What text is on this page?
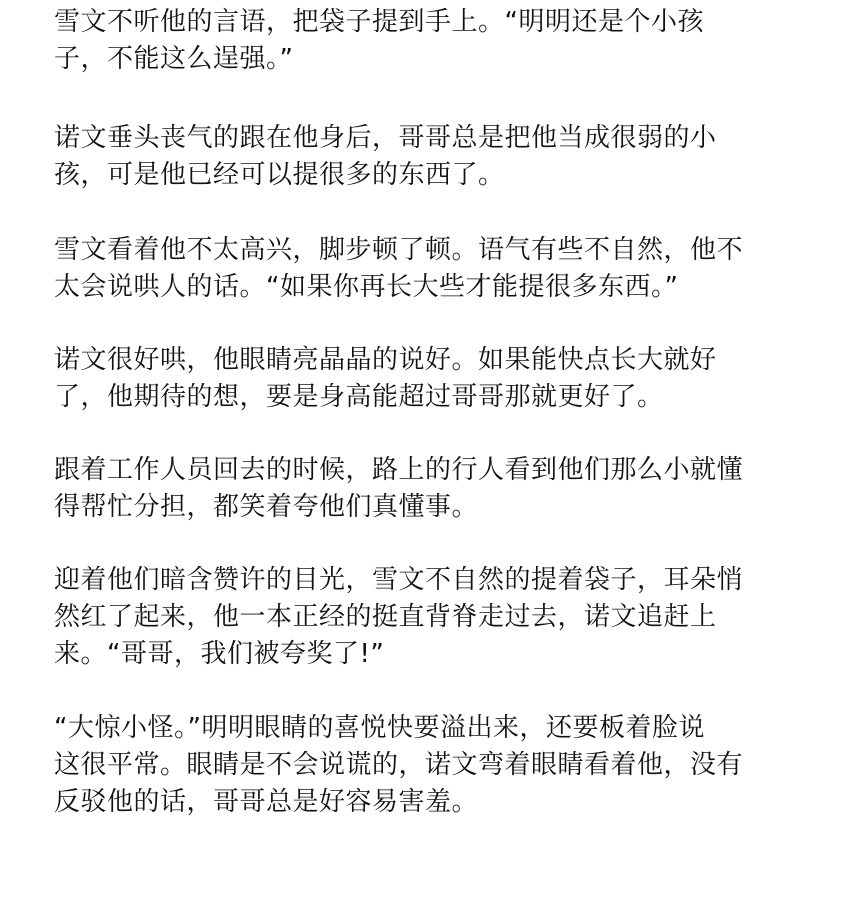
雪文不听他的言语，把袋子提到手上。“明明还是个小孩
子，不能这么逞强。”

诺文垂头丧气的跟在他身后，哥哥总是把他当成很弱的小
孩，可是他已经可以提很多的东西了。

雪文看着他不太高兴，脚步顿了顿。语气有些不自然，他不
太会说哄人的话。“如果你再长大些才能提很多东西。”

诺文很好哄，他眼睛亮晶晶的说好。如果能快点长大就好
了，他期待的想，要是身高能超过哥哥那就更好了。

跟着工作人员回去的时候，路上的行人看到他们那么小就懂
得帮忙分担，都笑着夸他们真懂事。

迎着他们暗含赞许的目光，雪文不自然的提着袋子，耳朵悄
然红了起来，他一本正经的挺直背脊走过去，诺文追赶上
来。“哥哥，我们被夸奖了!”

“大惊小怪。”明明眼睛的喜悦快要溢出来，还要板着脸说
这很平常。眼睛是不会说谎的，诺文弯着眼睛看着他，没有
反驳他的话，哥哥总是好容易害羞。
